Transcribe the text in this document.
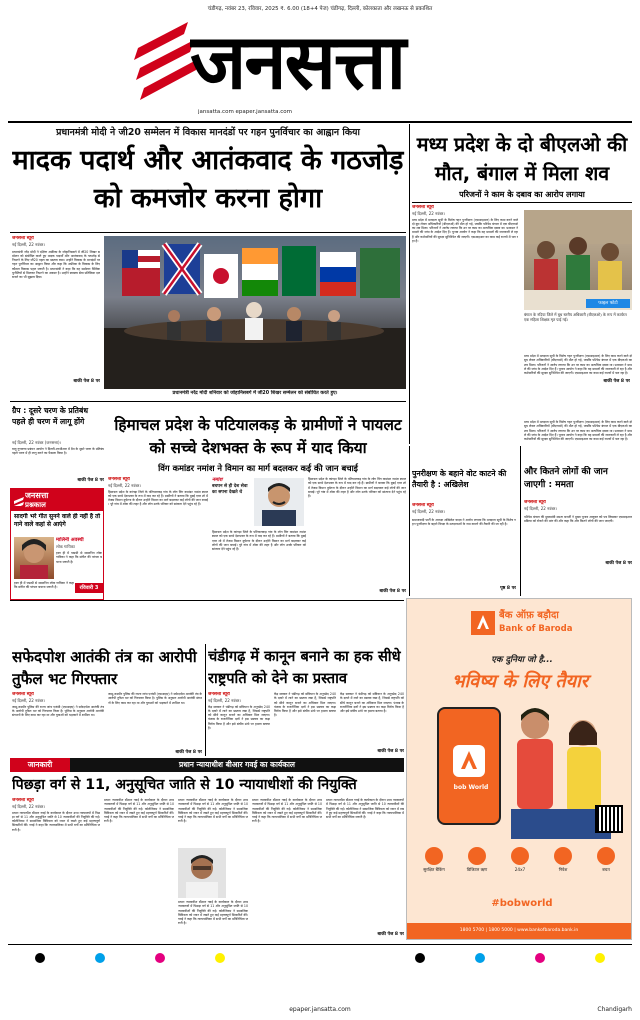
चंडीगढ़, नवंबर 23, रविवार, 2025 ₹. 6.00 (18+4 पेज) चंडीगढ़, दिल्ली, कोलकाता और लखनऊ से प्रकाशित
जनसत्ता
jansatta.com epaper.jansatta.com
प्रधानमंत्री मोदी ने जी20 सम्मेलन में विकास मानदंडों पर गहन पुनर्विचार का आह्वान किया
मादक पदार्थ और आतंकवाद के गठजोड़ को कमजोर करना होगा
जनसत्ता ब्यूरो
नई दिल्ली, 22 नवंबर।
प्रधानमंत्री नरेंद्र मोदी ने दक्षिण अफ्रीका के जोहानिसबर्ग में जी20 शिखर सम्मेलन को संबोधित करते हुए मादक पदार्थों और आतंकवाद के गठजोड़ से निपटने के लिए जी20 पहल का प्रस्ताव रखा। उन्होंने विकास के मानदंडों पर गहन पुनर्विचार का आह्वान किया और कहा कि अफ्रीका के विकास के लिए कौशल विकास पहल जरूरी है। प्रधानमंत्री ने कहा कि यह सम्मेलन वैश्विक चुनौतियों से मिलकर निपटने का अवसर है। उन्होंने स्वास्थ्य सेवा प्रतिक्रिया दल बनाने का भी सुझाव दिया।
बाकी पेज 8 पर
प्रधानमंत्री नरेंद्र मोदी शनिवार को जोहानिसबर्ग में जी20 शिखर सम्मेलन को संबोधित करते हुए।
मध्य प्रदेश के दो बीएलओ की मौत, बंगाल में मिला शव
परिजनों ने काम के दबाव का आरोप लगाया
जनसत्ता ब्यूरो
नई दिल्ली, 22 नवंबर।
मध्य प्रदेश में मतदाता सूची के विशेष गहन पुनरीक्षण (एसआइआर) के लिए काम करने वाले दो बूथ लेवल अधिकारियों (बीएलओ) की मौत हो गई, जबकि पश्चिम बंगाल में एक बीएलओ का शव मिला। परिजनों ने आरोप लगाया कि उन पर काम का अत्यधिक दबाव था। प्रशासन ने मामले की जांच के आदेश दिए हैं। चुनाव आयोग ने कहा कि वह मामलों की जानकारी ले रहा है और कर्मचारियों की सुरक्षा सुनिश्चित की जाएगी। एसआइआर का काम कई राज्यों में चल रहा है।
फाइल फोटो
बंगाल के नदिया जिले में बूथ स्तरीय अधिकारी (बीएलओ) के रूप में कार्यरत एक महिला शिक्षक मृत पाई गईं।
मध्य प्रदेश में मतदाता सूची के विशेष गहन पुनरीक्षण (एसआइआर) के लिए काम करने वाले दो बूथ लेवल अधिकारियों (बीएलओ) की मौत हो गई, जबकि पश्चिम बंगाल में एक बीएलओ का शव मिला। परिजनों ने आरोप लगाया कि उन पर काम का अत्यधिक दबाव था। प्रशासन ने मामले की जांच के आदेश दिए हैं। चुनाव आयोग ने कहा कि वह मामलों की जानकारी ले रहा है और कर्मचारियों की सुरक्षा सुनिश्चित की जाएगी। एसआइआर का काम कई राज्यों में चल रहा है।
बाकी पेज 8 पर
ग्रैप : दूसरे चरण के प्रतिबंध पहले ही चरण में लागू होंगे
नई दिल्ली, 22 नवंबर (जनसत्ता)।
वायु गुणवत्ता प्रबंधन आयोग ने दिल्ली-एनसीआर में ग्रैप के दूसरे चरण के प्रतिबंध पहले चरण में ही लागू करने का फैसला किया है।
बाकी पेज 8 पर
जनसत्ता
प्रश्नकाल
सादगी भरे गीत सुनने वाले ही नहीं है तो गाने वाले कहां से आएंगे
मालिनी अवस्थी
लोक गायिका
हाल ही में पद्मश्री से सम्मानित लोक गायिका ने कहा कि संगीत की परंपरा बचाना जरूरी है।
हाल ही में पद्मश्री से सम्मानित लोक गायिका ने कहा कि संगीत की परंपरा बचाना जरूरी है।	रविवारी 3
हिमाचल प्रदेश के पटियालकड़ के ग्रामीणों ने पायलट को सच्चे देशभक्त के रूप में याद किया
विंग कमांडर नमांश ने विमान का मार्ग बदलकर कई की जान बचाई
जनसत्ता ब्यूरो
नई दिल्ली, 22 नवंबर।
हिमाचल प्रदेश के कांगड़ा जिले के पटियालकड़ गांव के लोग विंग कमांडर नमांश स्याल को एक सच्चे देशभक्त के रूप में याद कर रहे हैं। ग्रामीणों ने बताया कि दुबई एयर शो में तेजस विमान दुर्घटना के दौरान उन्होंने विमान का मार्ग बदलकर कई लोगों की जान बचाई। पूरे गांव में शोक की लहर है और लोग उनके परिवार को सांत्वना देने पहुंच रहे हैं।
नमांश
बचपन से ही देश सेवा का सपना देखते थे
हिमाचल प्रदेश के कांगड़ा जिले के पटियालकड़ गांव के लोग विंग कमांडर नमांश स्याल को एक सच्चे देशभक्त के रूप में याद कर रहे हैं। ग्रामीणों ने बताया कि दुबई एयर शो में तेजस विमान दुर्घटना के दौरान उन्होंने विमान का मार्ग बदलकर कई लोगों की जान बचाई। पूरे गांव में शोक की लहर है और लोग उनके परिवार को सांत्वना देने पहुंच रहे हैं।
हिमाचल प्रदेश के कांगड़ा जिले के पटियालकड़ गांव के लोग विंग कमांडर नमांश स्याल को एक सच्चे देशभक्त के रूप में याद कर रहे हैं। ग्रामीणों ने बताया कि दुबई एयर शो में तेजस विमान दुर्घटना के दौरान उन्होंने विमान का मार्ग बदलकर कई लोगों की जान बचाई। पूरे गांव में शोक की लहर है और लोग उनके परिवार को सांत्वना देने पहुंच रहे हैं।
बाकी पेज 8 पर
पुनरीक्षण के बहाने वोट काटने की तैयारी है : अखिलेश
जनसत्ता ब्यूरो
नई दिल्ली, 22 नवंबर।
समाजवादी पार्टी के अध्यक्ष अखिलेश यादव ने आरोप लगाया कि मतदाता सूची के विशेष गहन पुनरीक्षण के बहाने विपक्ष के मतदाताओं के नाम काटने की तैयारी की जा रही है।
पृष्ठ 8 पर
मध्य प्रदेश में मतदाता सूची के विशेष गहन पुनरीक्षण (एसआइआर) के लिए काम करने वाले दो बूथ लेवल अधिकारियों (बीएलओ) की मौत हो गई, जबकि पश्चिम बंगाल में एक बीएलओ का शव मिला। परिजनों ने आरोप लगाया कि उन पर काम का अत्यधिक दबाव था। प्रशासन ने मामले की जांच के आदेश दिए हैं। चुनाव आयोग ने कहा कि वह मामलों की जानकारी ले रहा है और कर्मचारियों की सुरक्षा सुनिश्चित की जाएगी। एसआइआर का काम कई राज्यों में चल रहा है।
और कितने लोगों की जान जाएगी : ममता
जनसत्ता ब्यूरो
नई दिल्ली, 22 नवंबर।
पश्चिम बंगाल की मुख्यमंत्री ममता बनर्जी ने मुख्य चुनाव आयुक्त को पत्र लिखकर एसआइआर प्रक्रिया को रोकने की मांग की और कहा कि और कितने लोगों की जान जाएगी।
बाकी पेज 8 पर
बैंक ऑफ़ बड़ौदा
Bank of Baroda
एक दुनिया जो है...
भविष्य के लिए तैयार
bob World
सुरक्षित बैंकिंग	डिजिटल ऋण	24x7	निवेश	बचत
#bobworld
1800 5700 | 1800 5000 | www.bankofbaroda.bank.in
सफेदपोश आतंकी तंत्र का आरोपी तुफैल भट गिरफ्तार
जनसत्ता ब्यूरो
नई दिल्ली, 22 नवंबर।
जम्मू-कश्मीर पुलिस की राज्य जांच एजंसी (एसआइए) ने सफेदपोश आतंकी तंत्र के आरोपी तुफैल भट को गिरफ्तार किया है। पुलिस के अनुसार आरोपी आतंकी संगठनों के लिए काम कर रहा था और युवाओं को भड़काने में शामिल था।
जम्मू-कश्मीर पुलिस की राज्य जांच एजंसी (एसआइए) ने सफेदपोश आतंकी तंत्र के आरोपी तुफैल भट को गिरफ्तार किया है। पुलिस के अनुसार आरोपी आतंकी संगठनों के लिए काम कर रहा था और युवाओं को भड़काने में शामिल था।
बाकी पेज 8 पर
चंडीगढ़ में कानून बनाने का हक सीधे राष्ट्रपति को देने का प्रस्ताव
जनसत्ता ब्यूरो
नई दिल्ली, 22 नवंबर।
केंद्र सरकार ने चंडीगढ़ को संविधान के अनुच्छेद 240 के दायरे में लाने का प्रस्ताव रखा है, जिससे राष्ट्रपति को सीधे कानून बनाने का अधिकार मिल जाएगा। पंजाब के राजनीतिक दलों ने इस प्रस्ताव का कड़ा विरोध किया है और इसे संघीय ढांचे पर हमला बताया है।
केंद्र सरकार ने चंडीगढ़ को संविधान के अनुच्छेद 240 के दायरे में लाने का प्रस्ताव रखा है, जिससे राष्ट्रपति को सीधे कानून बनाने का अधिकार मिल जाएगा। पंजाब के राजनीतिक दलों ने इस प्रस्ताव का कड़ा विरोध किया है और इसे संघीय ढांचे पर हमला बताया है।
केंद्र सरकार ने चंडीगढ़ को संविधान के अनुच्छेद 240 के दायरे में लाने का प्रस्ताव रखा है, जिससे राष्ट्रपति को सीधे कानून बनाने का अधिकार मिल जाएगा। पंजाब के राजनीतिक दलों ने इस प्रस्ताव का कड़ा विरोध किया है और इसे संघीय ढांचे पर हमला बताया है।
बाकी पेज 8 पर
जानकारी	प्रधान न्यायाधीश बीआर गवई का कार्यकाल
पिछड़ा वर्ग से 11, अनुसूचित जाति से 10 न्यायाधीशों की नियुक्ति
जनसत्ता ब्यूरो
नई दिल्ली, 22 नवंबर।
प्रधान न्यायाधीश बीआर गवई के कार्यकाल के दौरान उच्च न्यायालयों में पिछड़ा वर्ग से 11 और अनुसूचित जाति से 10 न्यायाधीशों की नियुक्ति की गई। कोलेजियम ने सामाजिक विविधता को ध्यान में रखते हुए कई महत्त्वपूर्ण सिफारिशें कीं। गवई ने कहा कि न्यायपालिका में सभी वर्गों का प्रतिनिधित्व जरूरी है।
प्रधान न्यायाधीश बीआर गवई के कार्यकाल के दौरान उच्च न्यायालयों में पिछड़ा वर्ग से 11 और अनुसूचित जाति से 10 न्यायाधीशों की नियुक्ति की गई। कोलेजियम ने सामाजिक विविधता को ध्यान में रखते हुए कई महत्त्वपूर्ण सिफारिशें कीं। गवई ने कहा कि न्यायपालिका में सभी वर्गों का प्रतिनिधित्व जरूरी है।
प्रधान न्यायाधीश बीआर गवई के कार्यकाल के दौरान उच्च न्यायालयों में पिछड़ा वर्ग से 11 और अनुसूचित जाति से 10 न्यायाधीशों की नियुक्ति की गई। कोलेजियम ने सामाजिक विविधता को ध्यान में रखते हुए कई महत्त्वपूर्ण सिफारिशें कीं। गवई ने कहा कि न्यायपालिका में सभी वर्गों का प्रतिनिधित्व जरूरी है।
प्रधान न्यायाधीश बीआर गवई के कार्यकाल के दौरान उच्च न्यायालयों में पिछड़ा वर्ग से 11 और अनुसूचित जाति से 10 न्यायाधीशों की नियुक्ति की गई। कोलेजियम ने सामाजिक विविधता को ध्यान में रखते हुए कई महत्त्वपूर्ण सिफारिशें कीं। गवई ने कहा कि न्यायपालिका में सभी वर्गों का प्रतिनिधित्व जरूरी है।
प्रधान न्यायाधीश बीआर गवई के कार्यकाल के दौरान उच्च न्यायालयों में पिछड़ा वर्ग से 11 और अनुसूचित जाति से 10 न्यायाधीशों की नियुक्ति की गई। कोलेजियम ने सामाजिक विविधता को ध्यान में रखते हुए कई महत्त्वपूर्ण सिफारिशें कीं। गवई ने कहा कि न्यायपालिका में सभी वर्गों का प्रतिनिधित्व जरूरी है।
प्रधान न्यायाधीश बीआर गवई के कार्यकाल के दौरान उच्च न्यायालयों में पिछड़ा वर्ग से 11 और अनुसूचित जाति से 10 न्यायाधीशों की नियुक्ति की गई। कोलेजियम ने सामाजिक विविधता को ध्यान में रखते हुए कई महत्त्वपूर्ण सिफारिशें कीं। गवई ने कहा कि न्यायपालिका में सभी वर्गों का प्रतिनिधित्व जरूरी है।
बाकी पेज 8 पर
epaper.jansatta.com	Chandigarh
